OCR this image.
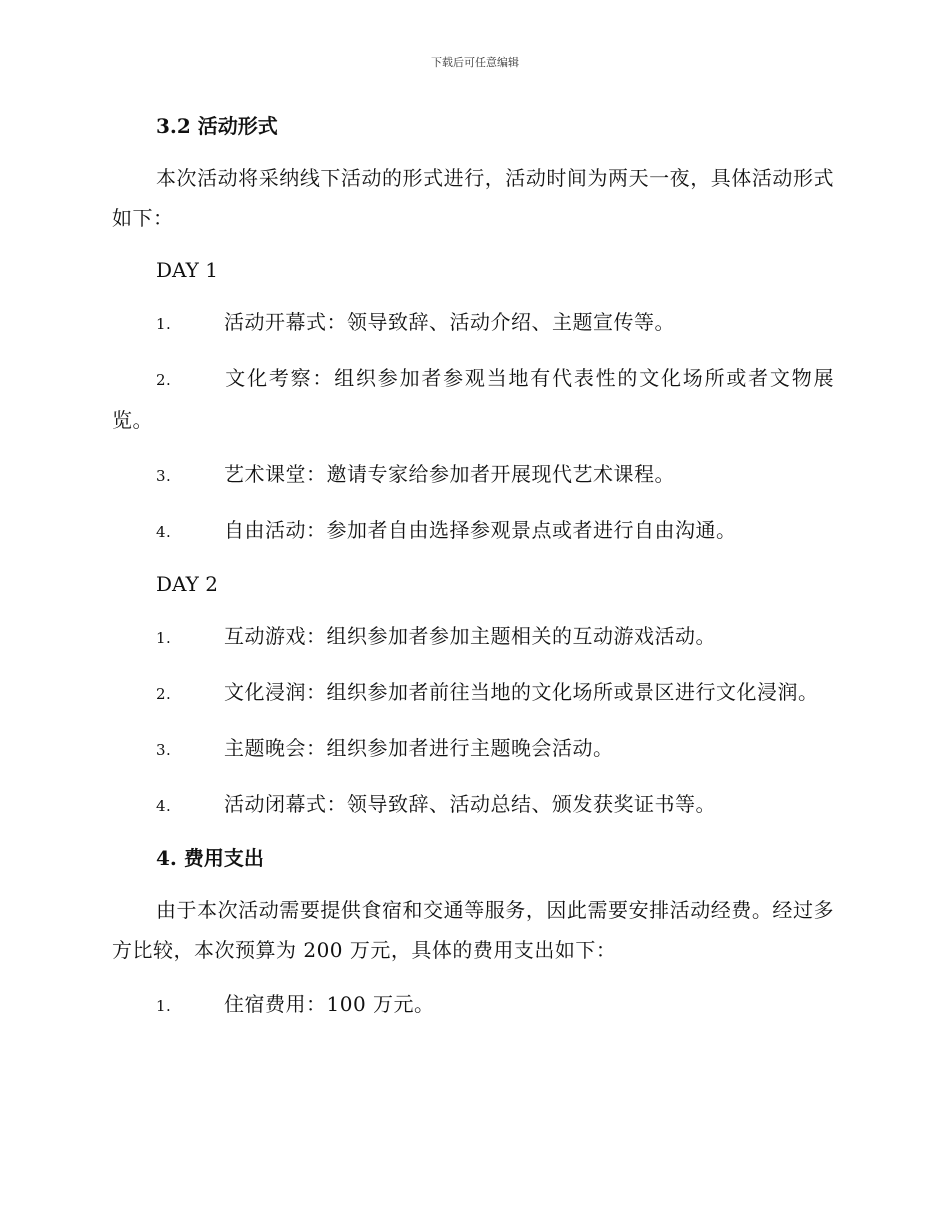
下载后可任意编辑
3.2 活动形式

本次活动将采纳线下活动的形式进行，活动时间为两天一夜，具体活动形式如下：

DAY 1

1.	活动开幕式：领导致辞、活动介绍、主题宣传等。

2.	文化考察：组织参加者参观当地有代表性的文化场所或者文物展览。

3.	艺术课堂：邀请专家给参加者开展现代艺术课程。

4.	自由活动：参加者自由选择参观景点或者进行自由沟通。

DAY 2

1.	互动游戏：组织参加者参加主题相关的互动游戏活动。

2.	文化浸润：组织参加者前往当地的文化场所或景区进行文化浸润。

3.	主题晚会：组织参加者进行主题晚会活动。

4.	活动闭幕式：领导致辞、活动总结、颁发获奖证书等。

4. 费用支出

由于本次活动需要提供食宿和交通等服务，因此需要安排活动经费。经过多方比较，本次预算为 200 万元，具体的费用支出如下：

1.	住宿费用：100 万元。
